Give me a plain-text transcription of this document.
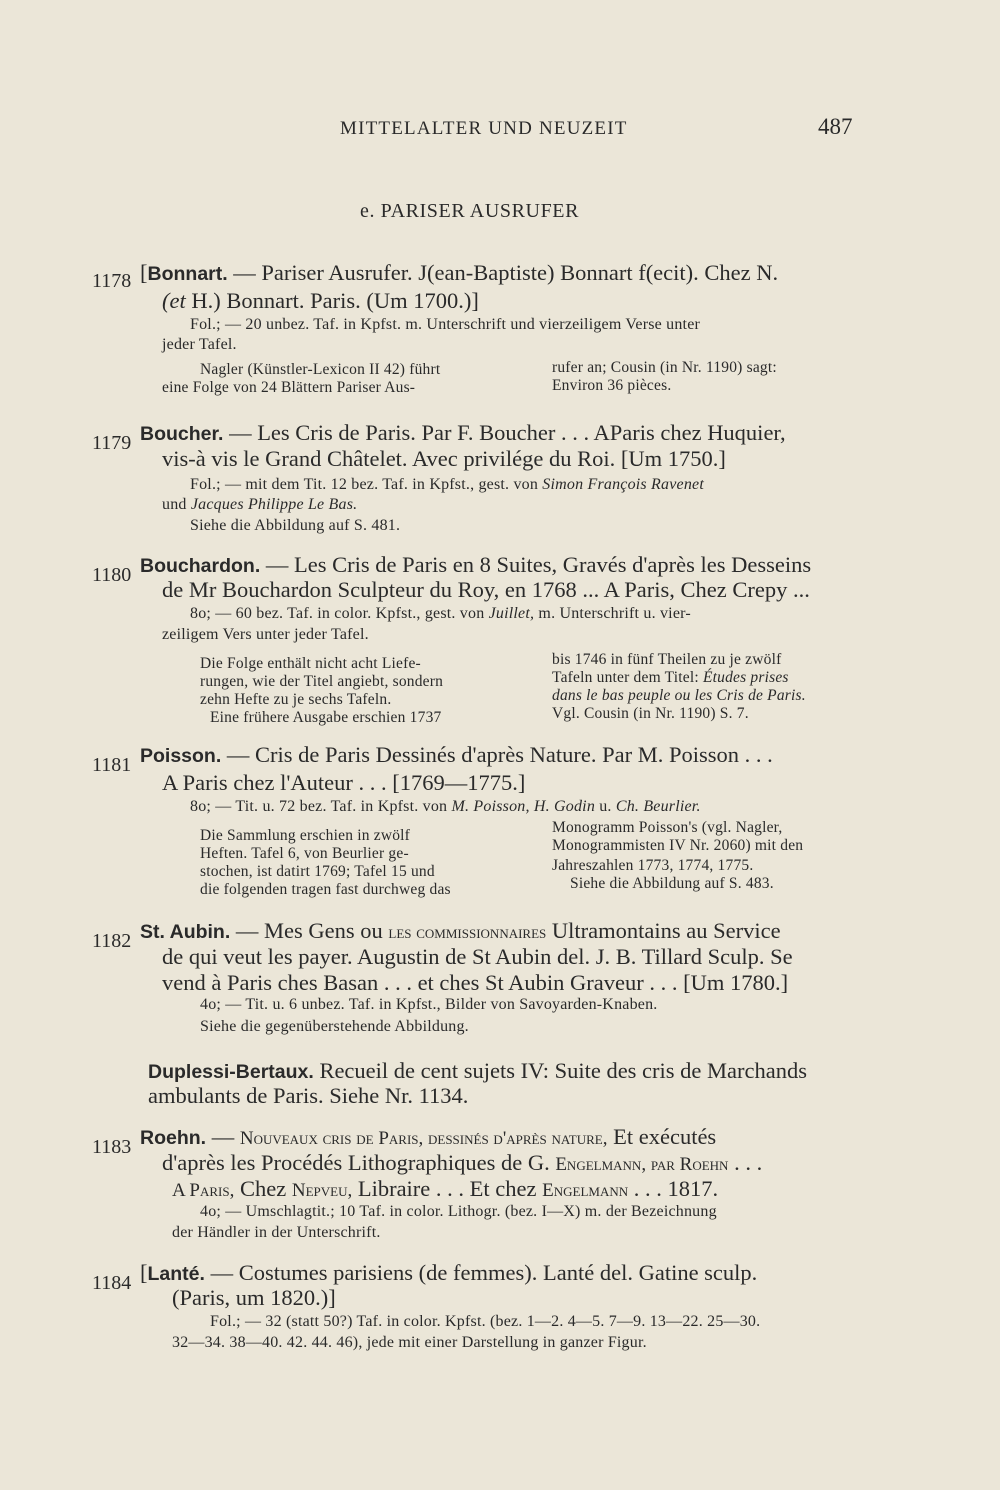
MITTELALTER UND NEUZEIT	487
e. PARISER AUSRUFER
1178 [Bonnart. — Pariser Ausrufer. J(ean-Baptiste) Bonnart f(ecit). Chez N.
(et H.) Bonnart. Paris. (Um 1700.)]
Fol.; — 20 unbez. Taf. in Kpfst. m. Unterschrift und vierzeiligem Verse unter
jeder Tafel.
Nagler (Künstler-Lexicon II 42) führt
eine Folge von 24 Blättern Pariser Aus-
rufer an; Cousin (in Nr. 1190) sagt:
Environ 36 pièces.
1179 Boucher. — Les Cris de Paris. Par F. Boucher . . . AParis chez Huquier,
vis-à vis le Grand Châtelet. Avec privilége du Roi. [Um 1750.]
Fol.; — mit dem Tit. 12 bez. Taf. in Kpfst., gest. von Simon François Ravenet
und Jacques Philippe Le Bas.
Siehe die Abbildung auf S. 481.
1180 Bouchardon. — Les Cris de Paris en 8 Suites, Gravés d'après les Desseins
de Mr Bouchardon Sculpteur du Roy, en 1768 ... A Paris, Chez Crepy ...
8o; — 60 bez. Taf. in color. Kpfst., gest. von Juillet, m. Unterschrift u. vier-
zeiligem Vers unter jeder Tafel.
Die Folge enthält nicht acht Liefe-
rungen, wie der Titel angiebt, sondern
zehn Hefte zu je sechs Tafeln.
Eine frühere Ausgabe erschien 1737
bis 1746 in fünf Theilen zu je zwölf
Tafeln unter dem Titel: Études prises
dans le bas peuple ou les Cris de Paris.
Vgl. Cousin (in Nr. 1190) S. 7.
1181 Poisson. — Cris de Paris Dessinés d'après Nature. Par M. Poisson . . .
A Paris chez l'Auteur . . . [1769—1775.]
8o; — Tit. u. 72 bez. Taf. in Kpfst. von M. Poisson, H. Godin u. Ch. Beurlier.
Die Sammlung erschien in zwölf
Heften. Tafel 6, von Beurlier ge-
stochen, ist datirt 1769; Tafel 15 und
die folgenden tragen fast durchweg das
Monogramm Poisson's (vgl. Nagler,
Monogrammisten IV Nr. 2060) mit den
Jahreszahlen 1773, 1774, 1775.
Siehe die Abbildung auf S. 483.
1182 St. Aubin. — Mes Gens ou les commissionnaires Ultramontains au Service
de qui veut les payer. Augustin de St Aubin del. J. B. Tillard Sculp. Se
vend à Paris ches Basan . . . et ches St Aubin Graveur . . . [Um 1780.]
4o; — Tit. u. 6 unbez. Taf. in Kpfst., Bilder von Savoyarden-Knaben.
Siehe die gegenüberstehende Abbildung.
Duplessi-Bertaux. Recueil de cent sujets IV: Suite des cris de Marchands
ambulants de Paris. Siehe Nr. 1134.
1183 Roehn. — Nouveaux cris de Paris, dessinés d'après nature, Et exécutés
d'après les Procédés Lithographiques de G. Engelmann, par Roehn . . .
A Paris, Chez Nepveu, Libraire . . . Et chez Engelmann . . . 1817.
4o; — Umschlagtit.; 10 Taf. in color. Lithogr. (bez. I—X) m. der Bezeichnung
der Händler in der Unterschrift.
1184 [Lanté. — Costumes parisiens (de femmes). Lanté del. Gatine sculp.
(Paris, um 1820.)]
Fol.; — 32 (statt 50?) Taf. in color. Kpfst. (bez. 1—2. 4—5. 7—9. 13—22. 25—30.
32—34. 38—40. 42. 44. 46), jede mit einer Darstellung in ganzer Figur.
